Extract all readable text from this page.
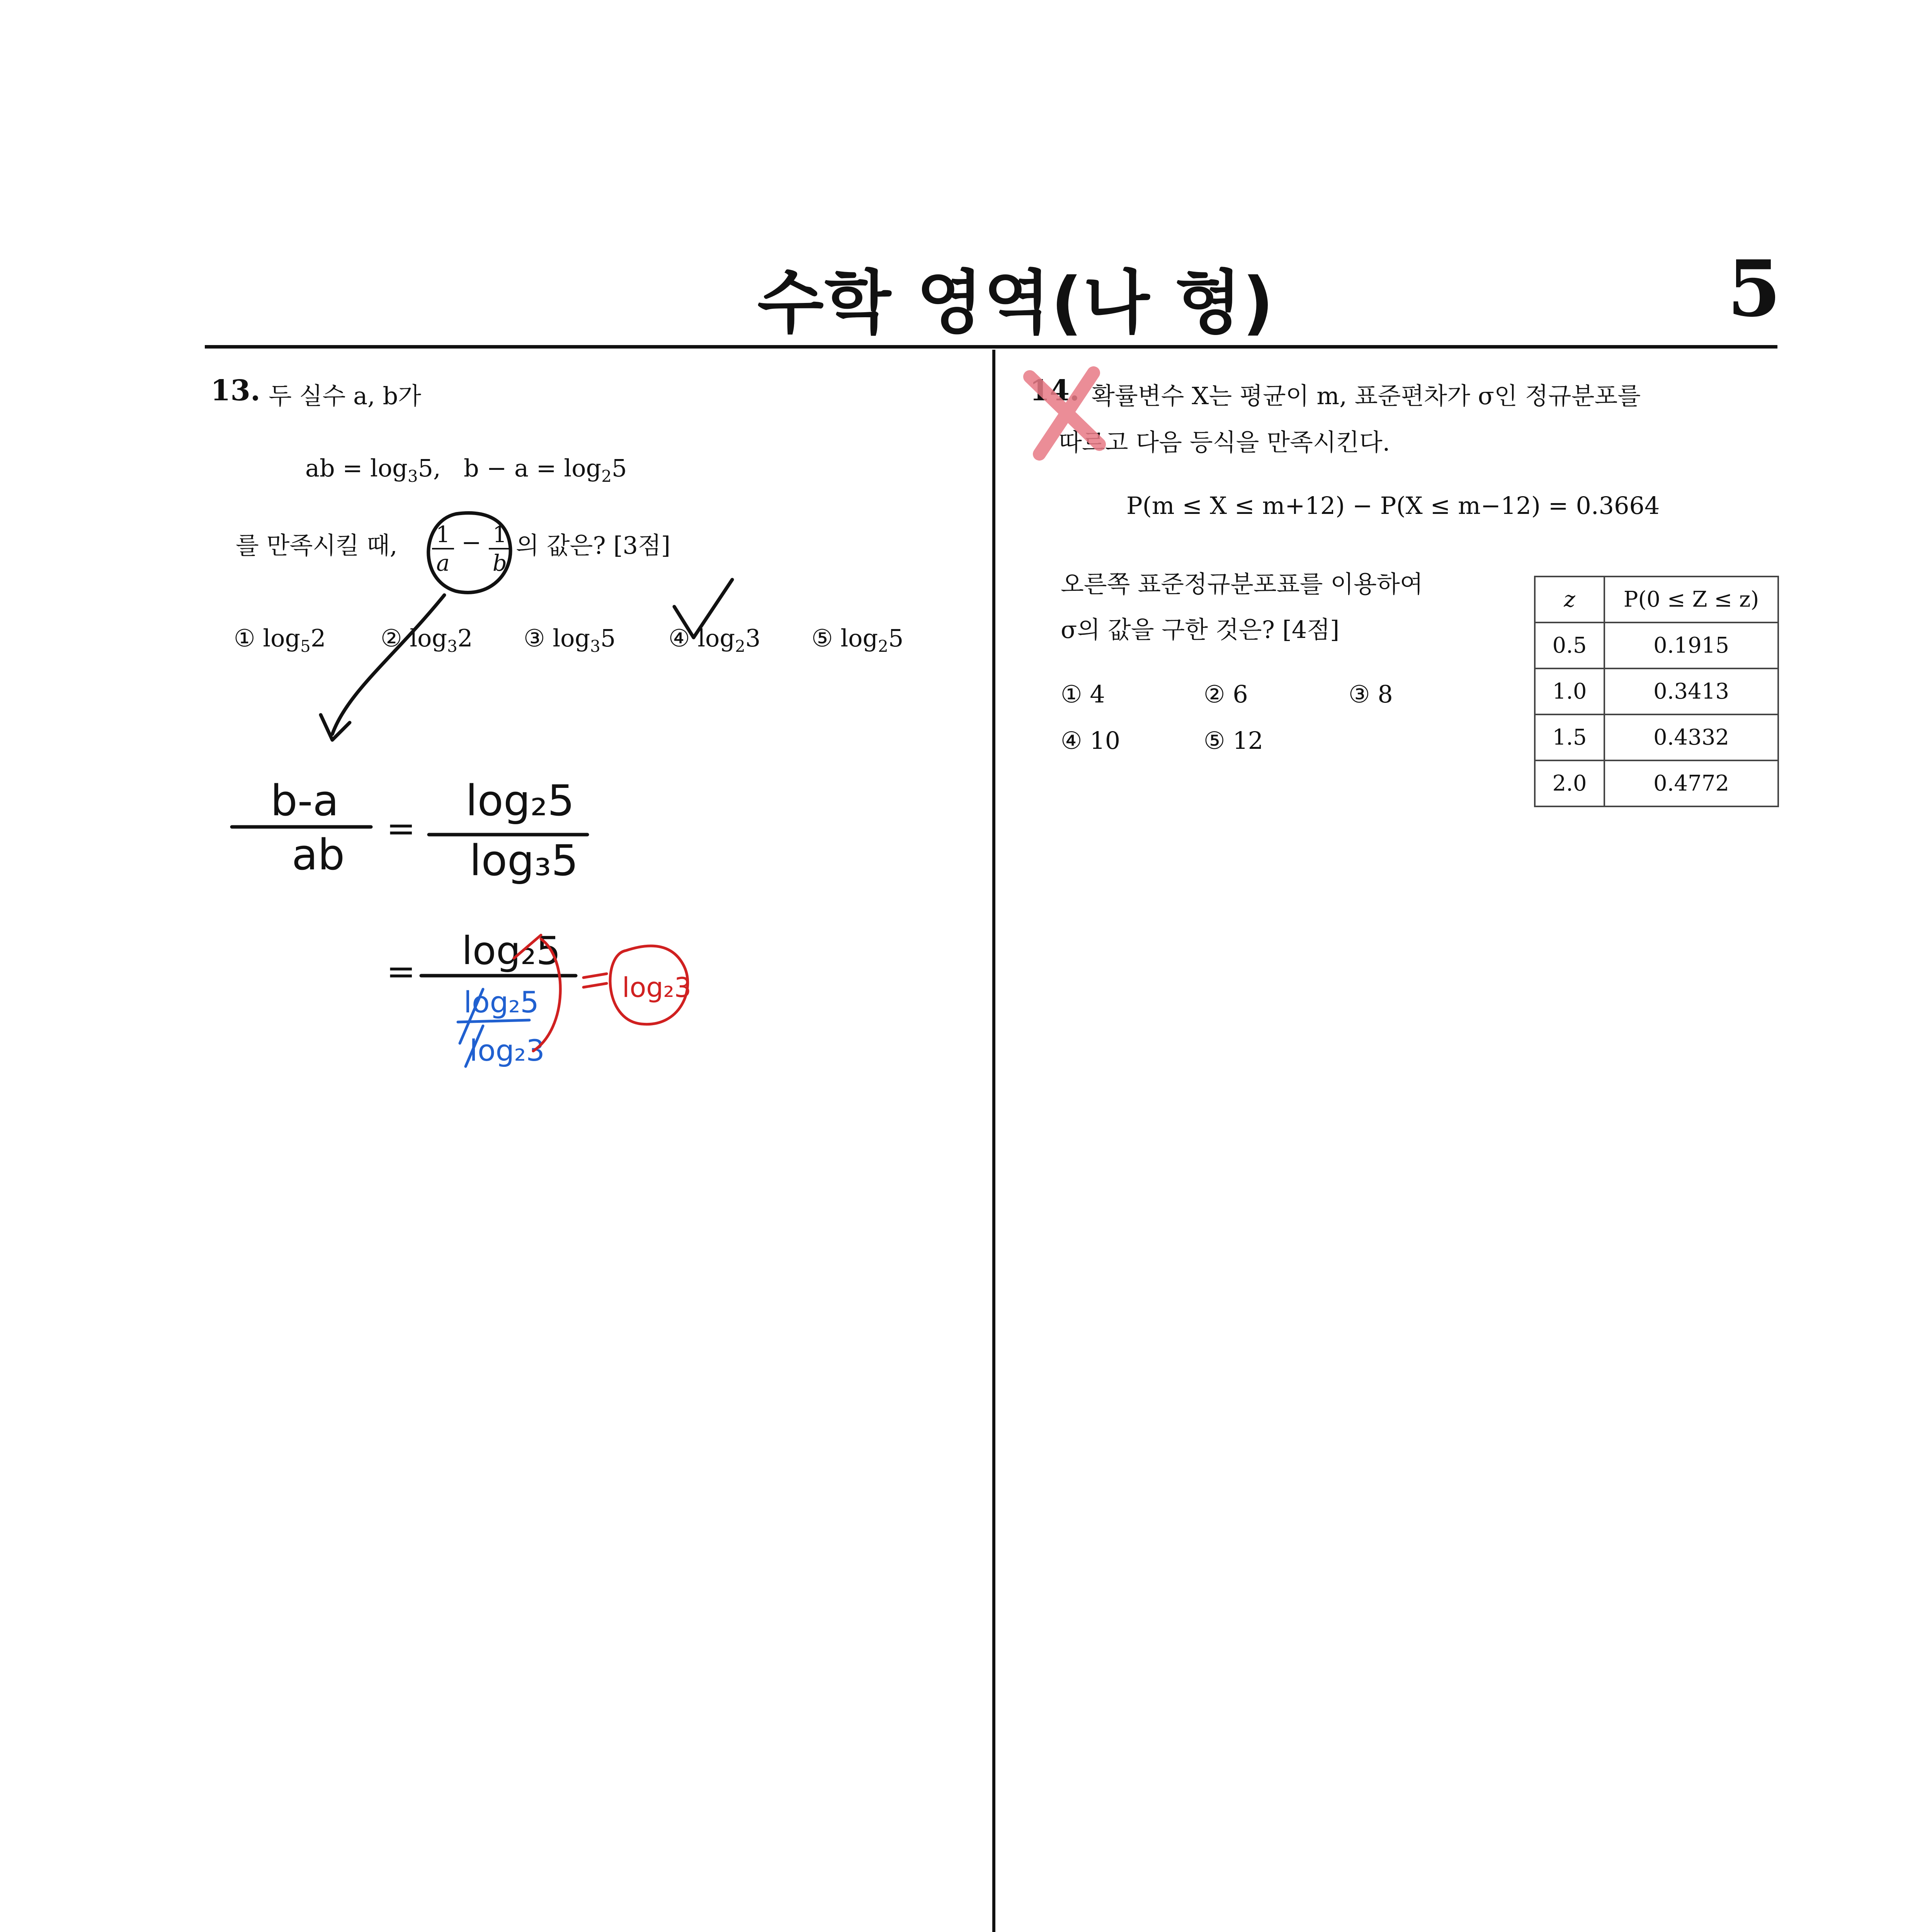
수학 영역(나 형)	5
13. 두 실수 a, b가
ab = $\log_35$, $b - a = \log_25$
를 만족시킬 때, $\frac{1}{a} - \frac{1}{b}$ 의 값은? [3점]
① $\log_52$ ② $\log_32$ ③ $\log_35$ ④ $\log_23$ ⑤ $\log_25$
14. 확률변수 X는 평균이 m, 표준편차가 σ인 정규분포를
따르고 다음 등식을 만족시킨다.
P(m ≤ X ≤ m+12) − P(X ≤ m−12) = 0.3664
오른쪽 표준정규분포표를 이용하여
σ의 값을 구한 것은? [4점]
① 4	② 6	③ 8
④ 10	⑤ 12
z	P(0 ≤ Z ≤ z)
0.5	0.1915
1.0	0.3413
1.5	0.4332
2.0	0.4772
b-a
ab
=
log₂5
log₃5
= log₂5
log₂5
log₂3
log₂3
